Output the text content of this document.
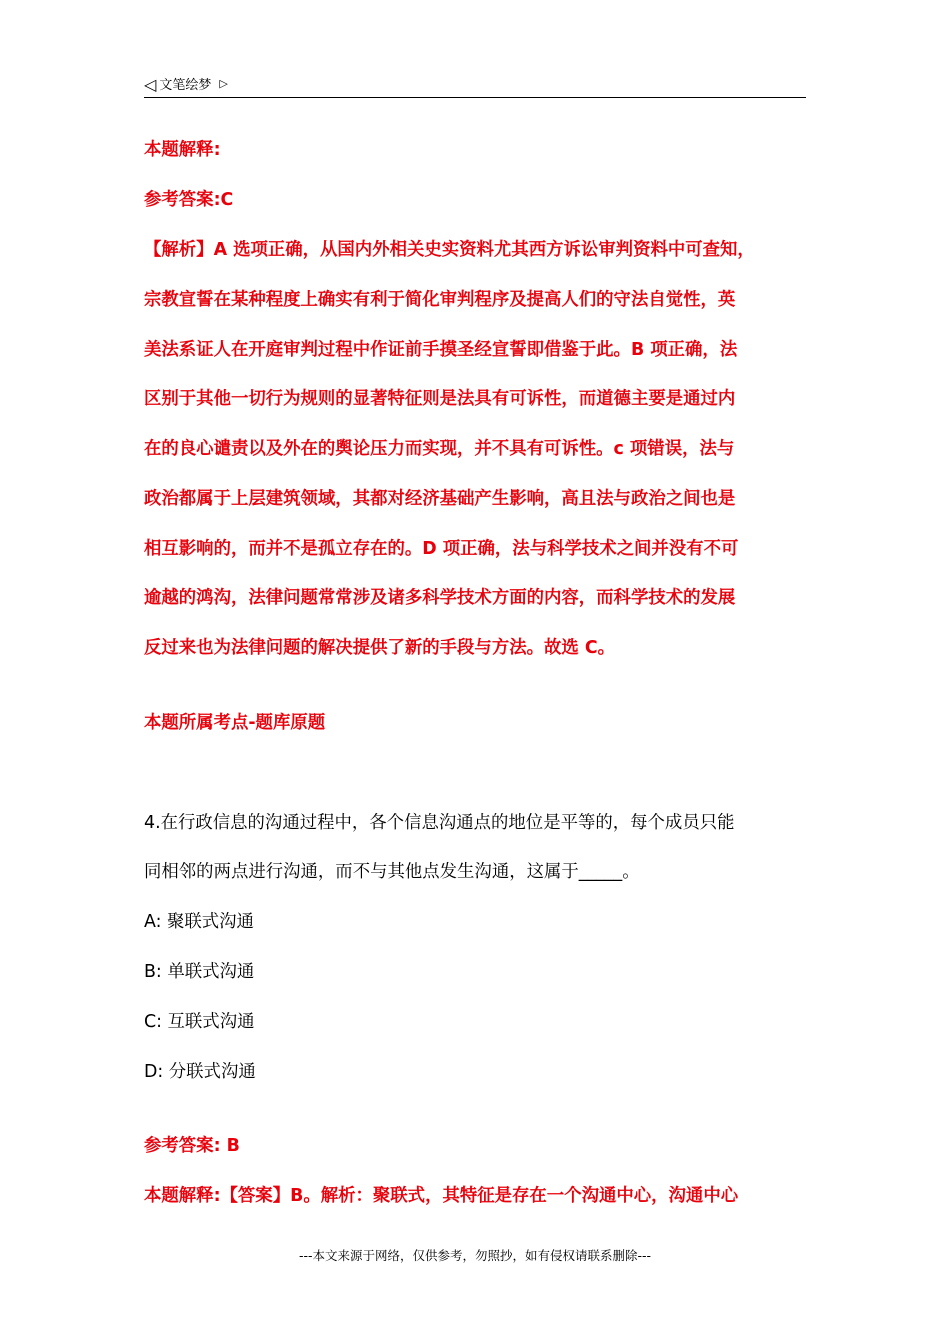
◁ 文笔绘梦 ▷
本题解释:
参考答案:C
【解析】A 选项正确，从国内外相关史实资料尤其西方诉讼审判资料中可查知，
宗教宣誓在某种程度上确实有利于简化审判程序及提高人们的守法自觉性，英
美法系证人在开庭审判过程中作证前手摸圣经宣誓即借鉴于此。B 项正确，法
区别于其他一切行为规则的显著特征则是法具有可诉性，而道德主要是通过内
在的良心谴责以及外在的舆论压力而实现，并不具有可诉性。c 项错误，法与
政治都属于上层建筑领域，其都对经济基础产生影响，高且法与政治之间也是
相互影响的，而并不是孤立存在的。D 项正确，法与科学技术之间并没有不可
逾越的鸿沟，法律问题常常涉及诸多科学技术方面的内容，而科学技术的发展
反过来也为法律问题的解决提供了新的手段与方法。故选 C。
本题所属考点-题库原题
4.在行政信息的沟通过程中，各个信息沟通点的地位是平等的，每个成员只能
同相邻的两点进行沟通，而不与其他点发生沟通，这属于_____。
A: 聚联式沟通
B: 单联式沟通
C: 互联式沟通
D: 分联式沟通
参考答案: B
本题解释:【答案】B。解析：聚联式，其特征是存在一个沟通中心，沟通中心
---本文来源于网络，仅供参考，勿照抄，如有侵权请联系删除---
